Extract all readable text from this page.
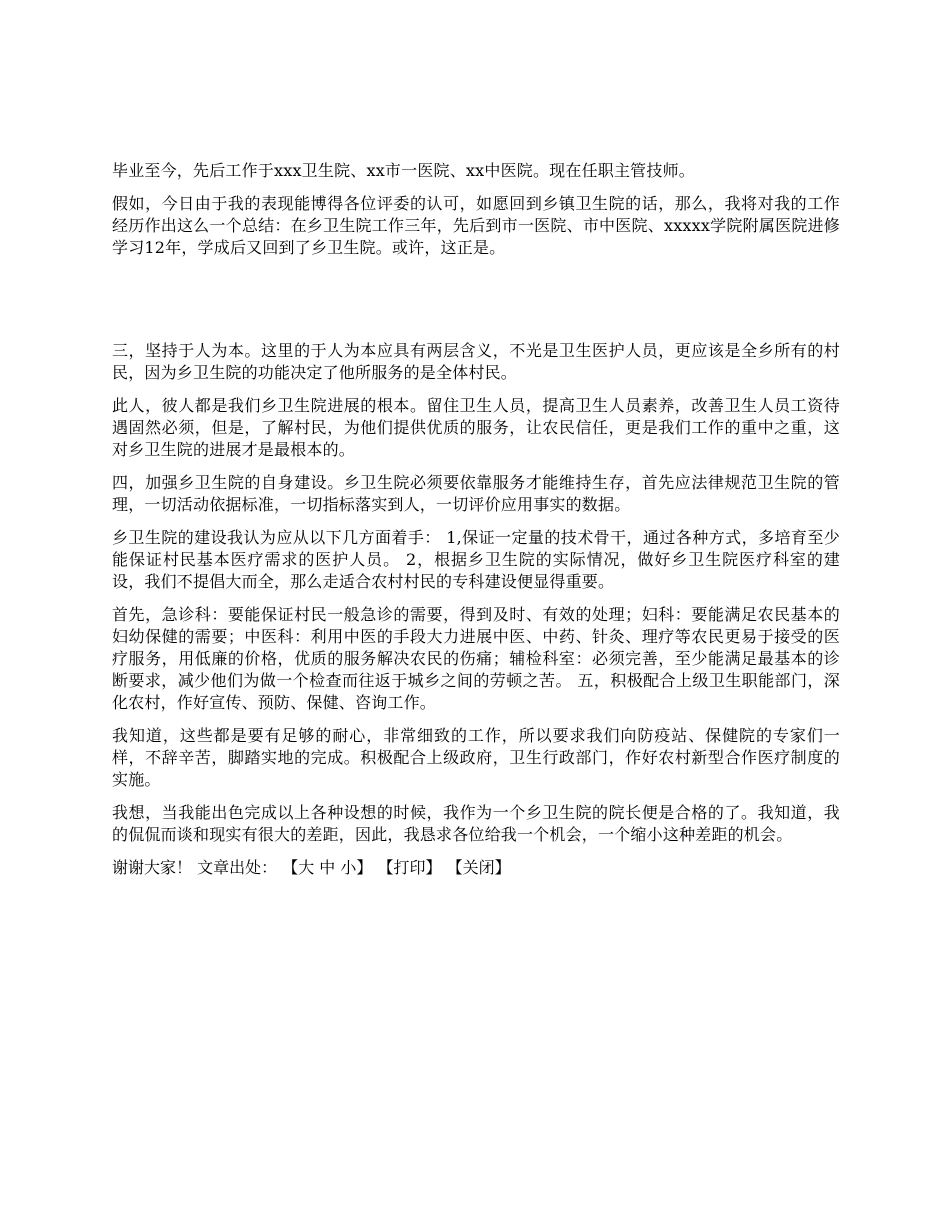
毕业至今，先后工作于xxx卫生院、xx市一医院、xx中医院。现在任职主管技师。

假如，今日由于我的表现能博得各位评委的认可，如愿回到乡镇卫生院的话，那么，我将对我的工作经历作出这么一个总结：在乡卫生院工作三年，先后到市一医院、市中医院、xxxxx学院附属医院进修学习12年，学成后又回到了乡卫生院。或许，这正是。

三，坚持于人为本。这里的于人为本应具有两层含义，不光是卫生医护人员，更应该是全乡所有的村民，因为乡卫生院的功能决定了他所服务的是全体村民。

此人，彼人都是我们乡卫生院进展的根本。留住卫生人员，提高卫生人员素养，改善卫生人员工资待遇固然必须，但是，了解村民，为他们提供优质的服务，让农民信任，更是我们工作的重中之重，这对乡卫生院的进展才是最根本的。

四，加强乡卫生院的自身建设。乡卫生院必须要依靠服务才能维持生存，首先应法律规范卫生院的管理，一切活动依据标准，一切指标落实到人，一切评价应用事实的数据。

乡卫生院的建设我认为应从以下几方面着手： 1,保证一定量的技术骨干，通过各种方式，多培育至少能保证村民基本医疗需求的医护人员。 2，根据乡卫生院的实际情况，做好乡卫生院医疗科室的建设，我们不提倡大而全，那么走适合农村村民的专科建设便显得重要。

首先，急诊科：要能保证村民一般急诊的需要，得到及时、有效的处理；妇科：要能满足农民基本的妇幼保健的需要；中医科：利用中医的手段大力进展中医、中药、针灸、理疗等农民更易于接受的医疗服务，用低廉的价格，优质的服务解决农民的伤痛；辅检科室：必须完善，至少能满足最基本的诊断要求，减少他们为做一个检查而往返于城乡之间的劳顿之苦。 五，积极配合上级卫生职能部门，深化农村，作好宣传、预防、保健、咨询工作。

我知道，这些都是要有足够的耐心，非常细致的工作，所以要求我们向防疫站、保健院的专家们一样，不辞辛苦，脚踏实地的完成。积极配合上级政府，卫生行政部门，作好农村新型合作医疗制度的实施。

我想，当我能出色完成以上各种设想的时候，我作为一个乡卫生院的院长便是合格的了。我知道，我的侃侃而谈和现实有很大的差距，因此，我恳求各位给我一个机会，一个缩小这种差距的机会。

谢谢大家！ 文章出处： 【大 中 小】 【打印】 【关闭】
